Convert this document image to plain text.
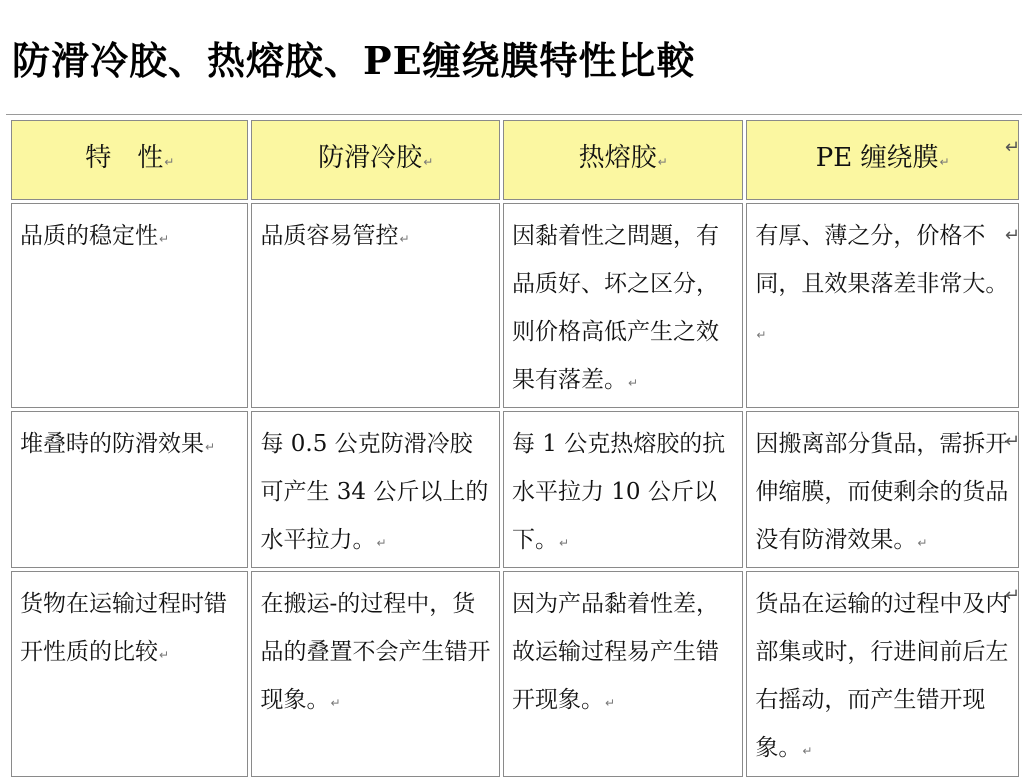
防滑冷胶、热熔胶、PE缠绕膜特性比較
特　性↵	防滑冷胶↵	热熔胶↵	PE 缠绕膜↵
品质的稳定性↵	品质容易管控↵	因黏着性之問題，有品质好、坏之区分，则价格高低产生之效果有落差。↵	有厚、薄之分，价格不同，且效果落差非常大。↵
堆叠時的防滑效果↵	每 0.5 公克防滑冷胶可产生 34 公斤以上的水平拉力。↵	每 1 公克热熔胶的抗水平拉力 10 公斤以下。↵	因搬离部分貨品，需拆开伸缩膜，而使剩余的货品没有防滑效果。↵
货物在运输过程时错开性质的比较↵	在搬运-的过程中，货品的叠置不会产生错开现象。↵	因为产品黏着性差，故运输过程易产生错开现象。↵	货品在运输的过程中及内部集或时，行进间前后左右摇动，而产生错开现象。↵
↵
↵
↵
↵
